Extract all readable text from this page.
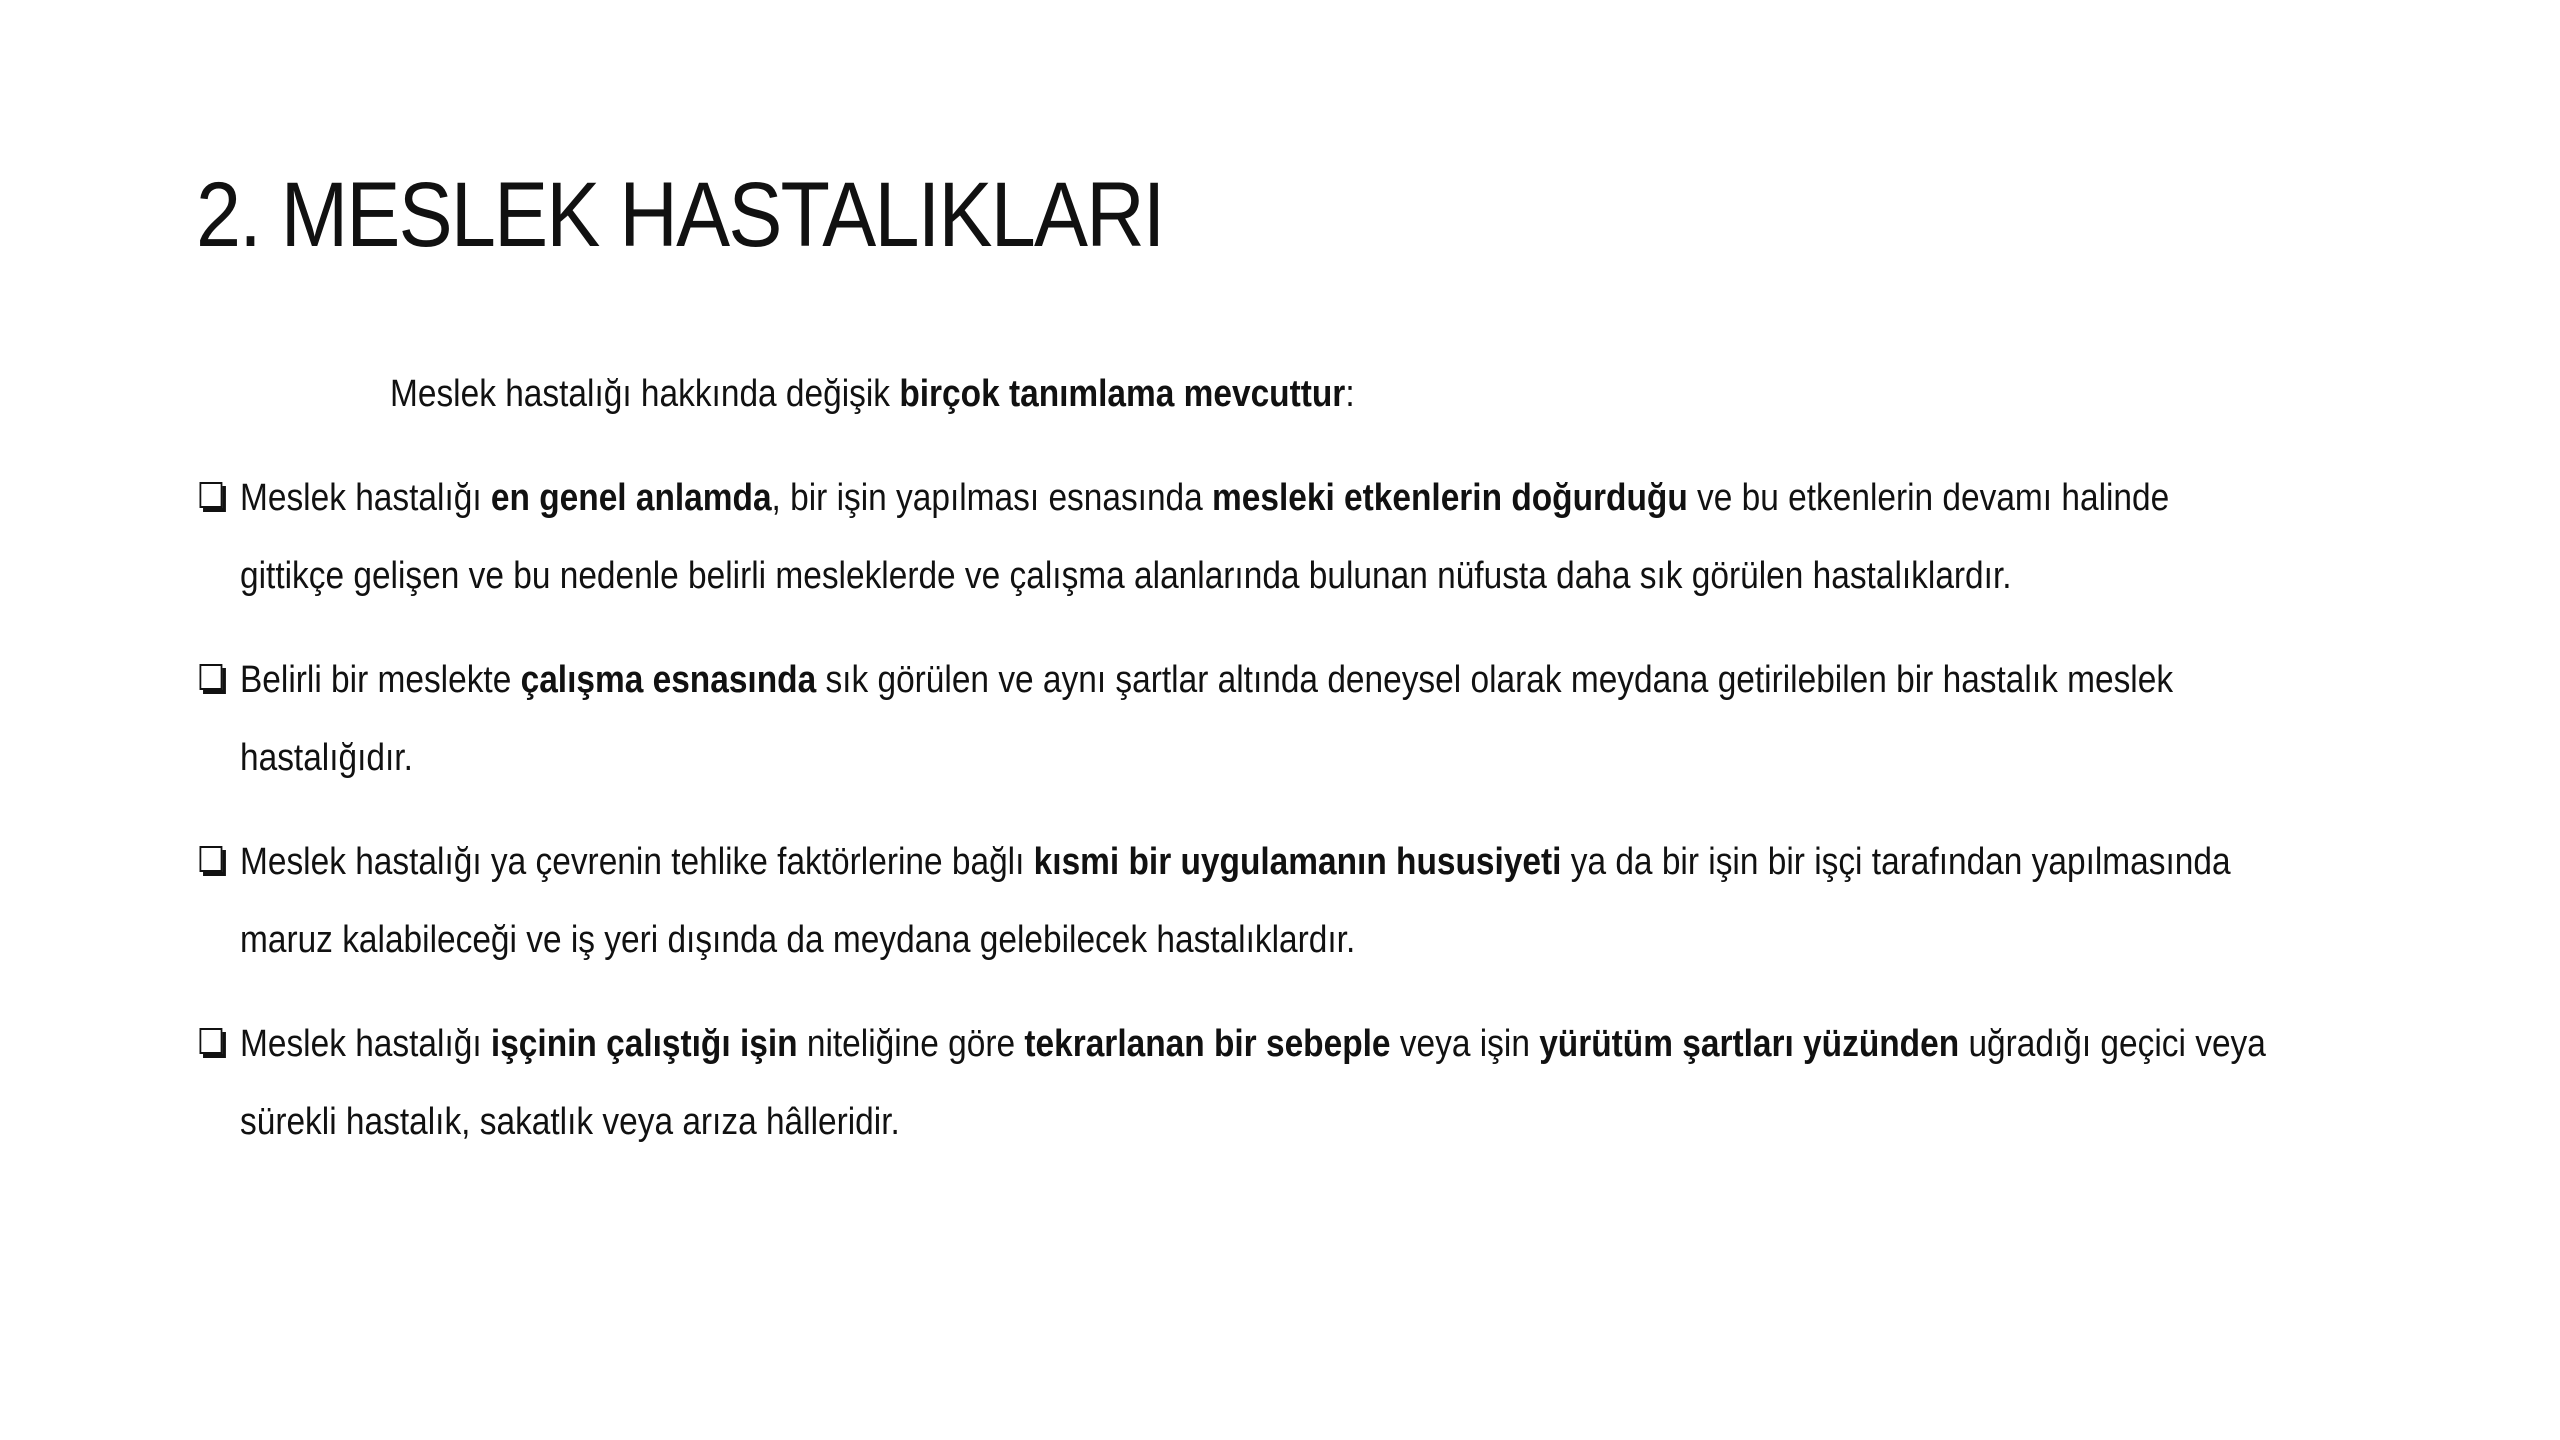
2. MESLEK HASTALIKLARI
Meslek hastalığı hakkında değişik birçok tanımlama mevcuttur:
Meslek hastalığı en genel anlamda, bir işin yapılması esnasında mesleki etkenlerin doğurduğu ve bu etkenlerin devamı halinde
gittikçe gelişen ve bu nedenle belirli mesleklerde ve çalışma alanlarında bulunan nüfusta daha sık görülen hastalıklardır.
Belirli bir meslekte çalışma esnasında sık görülen ve aynı şartlar altında deneysel olarak meydana getirilebilen bir hastalık meslek
hastalığıdır.
Meslek hastalığı ya çevrenin tehlike faktörlerine bağlı kısmi bir uygulamanın hususiyeti ya da bir işin bir işçi tarafından yapılmasında
maruz kalabileceği ve iş yeri dışında da meydana gelebilecek hastalıklardır.
Meslek hastalığı işçinin çalıştığı işin niteliğine göre tekrarlanan bir sebeple veya işin yürütüm şartları yüzünden uğradığı geçici veya
sürekli hastalık, sakatlık veya arıza hâlleridir.
